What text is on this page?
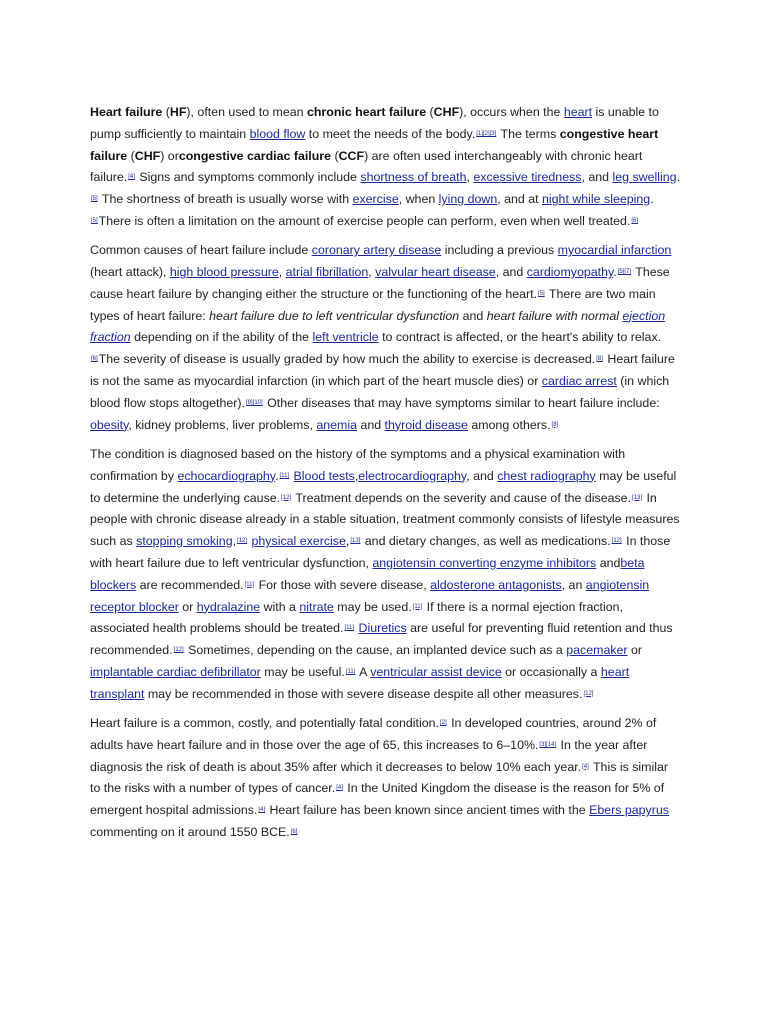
Heart failure (HF), often used to mean chronic heart failure (CHF), occurs when the heart is unable to pump sufficiently to maintain blood flow to meet the needs of the body.[1][2][3] The terms congestive heart failure (CHF) orcongestive cardiac failure (CCF) are often used interchangeably with chronic heart failure.[4] Signs and symptoms commonly include shortness of breath, excessive tiredness, and leg swelling.[5] The shortness of breath is usually worse with exercise, when lying down, and at night while sleeping.[5]There is often a limitation on the amount of exercise people can perform, even when well treated.[6]

Common causes of heart failure include coronary artery disease including a previous myocardial infarction (heart attack), high blood pressure, atrial fibrillation, valvular heart disease, and cardiomyopathy.[5][7] These cause heart failure by changing either the structure or the functioning of the heart.[5] There are two main types of heart failure: heart failure due to left ventricular dysfunction and heart failure with normal ejection fraction depending on if the ability of the left ventricle to contract is affected, or the heart's ability to relax.[6]The severity of disease is usually graded by how much the ability to exercise is decreased.[8] Heart failure is not the same as myocardial infarction (in which part of the heart muscle dies) or cardiac arrest (in which blood flow stops altogether).[9][10] Other diseases that may have symptoms similar to heart failure include: obesity, kidney problems, liver problems, anemia and thyroid disease among others.[8]

The condition is diagnosed based on the history of the symptoms and a physical examination with confirmation by echocardiography.[11] Blood tests,electrocardiography, and chest radiography may be useful to determine the underlying cause.[12] Treatment depends on the severity and cause of the disease.[13] In people with chronic disease already in a stable situation, treatment commonly consists of lifestyle measures such as stopping smoking,[12] physical exercise,[13] and dietary changes, as well as medications.[12] In those with heart failure due to left ventricular dysfunction, angiotensin converting enzyme inhibitors andbeta blockers are recommended.[11] For those with severe disease, aldosterone antagonists, an angiotensin receptor blocker or hydralazine with a nitrate may be used.[11] If there is a normal ejection fraction, associated health problems should be treated.[11] Diuretics are useful for preventing fluid retention and thus recommended.[12] Sometimes, depending on the cause, an implanted device such as a pacemaker or implantable cardiac defibrillator may be useful.[11] A ventricular assist device or occasionally a heart transplant may be recommended in those with severe disease despite all other measures.[12]

Heart failure is a common, costly, and potentially fatal condition.[2] In developed countries, around 2% of adults have heart failure and in those over the age of 65, this increases to 6–10%.[3][14] In the year after diagnosis the risk of death is about 35% after which it decreases to below 10% each year.[4] This is similar to the risks with a number of types of cancer.[4] In the United Kingdom the disease is the reason for 5% of emergent hospital admissions.[4] Heart failure has been known since ancient times with the Ebers papyrus commenting on it around 1550 BCE.[6]
